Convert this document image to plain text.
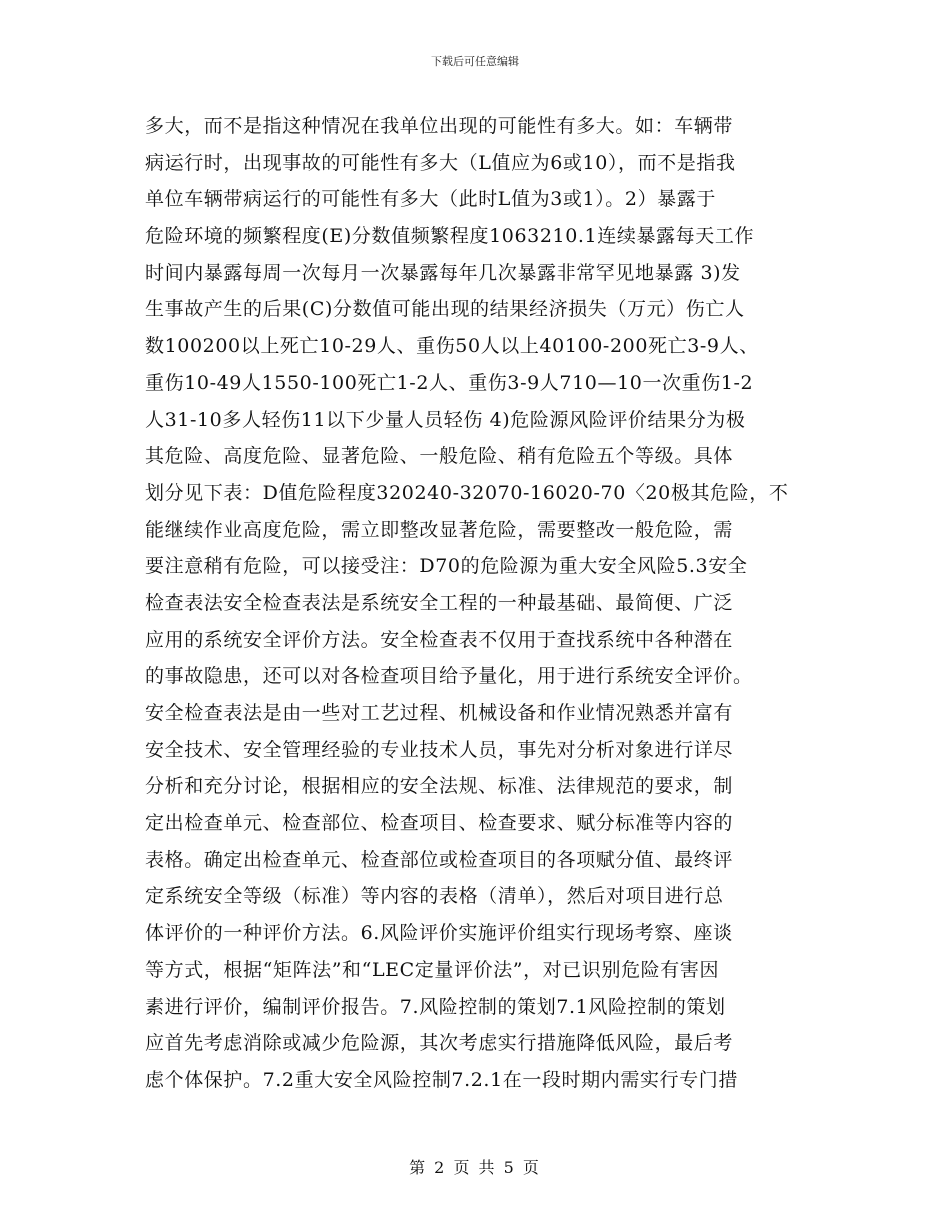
下载后可任意编辑
多大，而不是指这种情况在我单位出现的可能性有多大。如：车辆带
病运行时，出现事故的可能性有多大（L值应为6或10），而不是指我
单位车辆带病运行的可能性有多大（此时L值为3或1）。2）暴露于
危险环境的频繁程度(E)分数值频繁程度1063210.1连续暴露每天工作
时间内暴露每周一次每月一次暴露每年几次暴露非常罕见地暴露 3)发
生事故产生的后果(C)分数值可能出现的结果经济损失（万元）伤亡人
数100200以上死亡10-29人、重伤50人以上40100-200死亡3-9人、
重伤10-49人1550-100死亡1-2人、重伤3-9人710—10一次重伤1-2
人31-10多人轻伤11以下少量人员轻伤 4)危险源风险评价结果分为极
其危险、高度危险、显著危险、一般危险、稍有危险五个等级。具体
划分见下表：D值危险程度320240-32070-16020-70〈20极其危险，不
能继续作业高度危险，需立即整改显著危险，需要整改一般危险，需
要注意稍有危险，可以接受注：D70的危险源为重大安全风险5.3安全
检查表法安全检查表法是系统安全工程的一种最基础、最简便、广泛
应用的系统安全评价方法。安全检查表不仅用于查找系统中各种潜在
的事故隐患，还可以对各检查项目给予量化，用于进行系统安全评价。
安全检查表法是由一些对工艺过程、机械设备和作业情况熟悉并富有
安全技术、安全管理经验的专业技术人员，事先对分析对象进行详尽
分析和充分讨论，根据相应的安全法规、标准、法律规范的要求，制
定出检查单元、检查部位、检查项目、检查要求、赋分标准等内容的
表格。确定出检查单元、检查部位或检查项目的各项赋分值、最终评
定系统安全等级（标准）等内容的表格（清单），然后对项目进行总
体评价的一种评价方法。6.风险评价实施评价组实行现场考察、座谈
等方式，根据“矩阵法”和“LEC定量评价法”，对已识别危险有害因
素进行评价，编制评价报告。7.风险控制的策划7.1风险控制的策划
应首先考虑消除或减少危险源，其次考虑实行措施降低风险，最后考
虑个体保护。7.2重大安全风险控制7.2.1在一段时期内需实行专门措
第 2 页 共 5 页
